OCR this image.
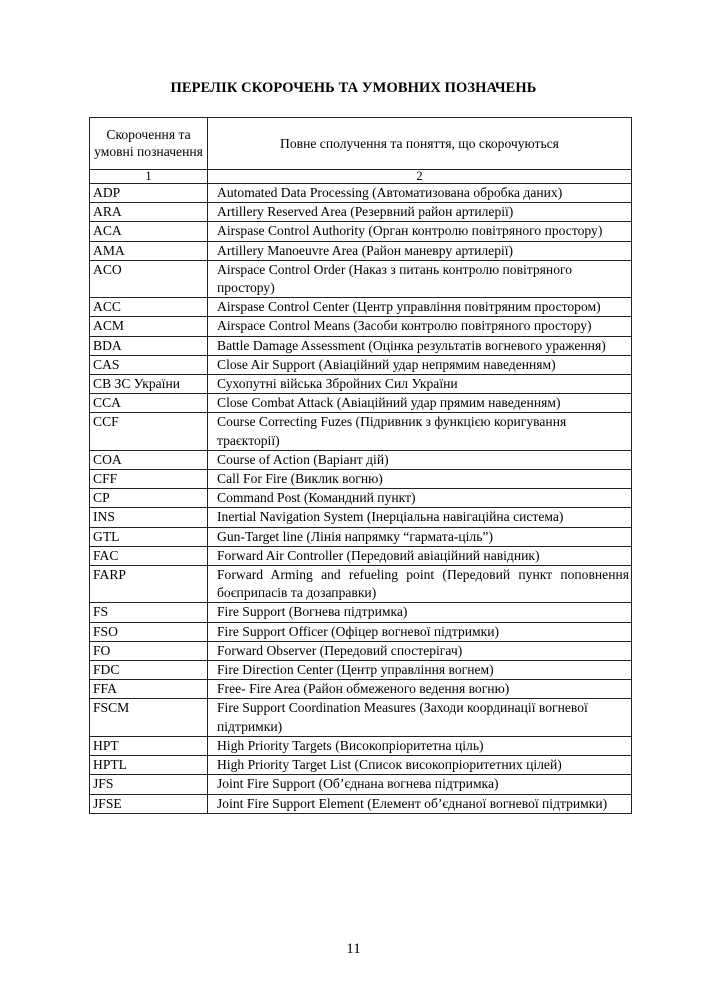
ПЕРЕЛІК СКОРОЧЕНЬ ТА УМОВНИХ ПОЗНАЧЕНЬ
Скорочення та умовні позначення	Повне сполучення та поняття, що скорочуються
1	2
ADP	Automated Data Processing (Автоматизована обробка даних)
ARA	Artillery Reserved Area (Резервний район артилерії)
ACA	Airspase Control Authority (Орган контролю повітряного простору)
AMA	Artillery Manoeuvre Area (Район маневру артилерії)
ACO	Airspace Control Order (Наказ з питань контролю повітряного простору)
ACC	Airspase Control Center (Центр управління повітряним простором)
ACM	Airspace Control Means (Засоби контролю повітряного простору)
BDA	Battle Damage Assessment (Оцінка результатів вогневого ураження)
CAS	Close Air Support (Авіаційний удар непрямим наведенням)
СВ ЗС України	Сухопутні війська Збройних Сил України
CCA	Close Combat Attack (Авіаційний удар прямим наведенням)
CCF	Course Correcting Fuzes (Підривник з функцією коригування траєкторії)
COA	Course of Action (Варіант дій)
CFF	Call For Fire (Виклик вогню)
CP	Command Post (Командний пункт)
INS	Inertial Navigation System (Інерціальна навігаційна система)
GTL	Gun-Target line (Лінія напрямку “гармата-ціль”)
FAC	Forward Air Controller (Передовий авіаційний навідник)
FARP	Forward Arming and refueling point (Передовий пункт поповнення боєприпасів та дозаправки)
FS	Fire Support (Вогнева підтримка)
FSO	Fire Support Officer (Офіцер вогневої підтримки)
FO	Forward Observer (Передовий спостерігач)
FDC	Fire Direction Center (Центр управління вогнем)
FFA	Free- Fire Area (Район обмеженого ведення вогню)
FSCM	Fire Support Coordination Measures (Заходи координації вогневої підтримки)
HPT	High Priority Targets (Високопріоритетна ціль)
HPTL	High Priority Target List (Список високопріоритетних цілей)
JFS	Joint Fire Support (Об’єднана вогнева підтримка)
JFSE	Joint Fire Support Element (Елемент об’єднаної вогневої підтримки)
11
